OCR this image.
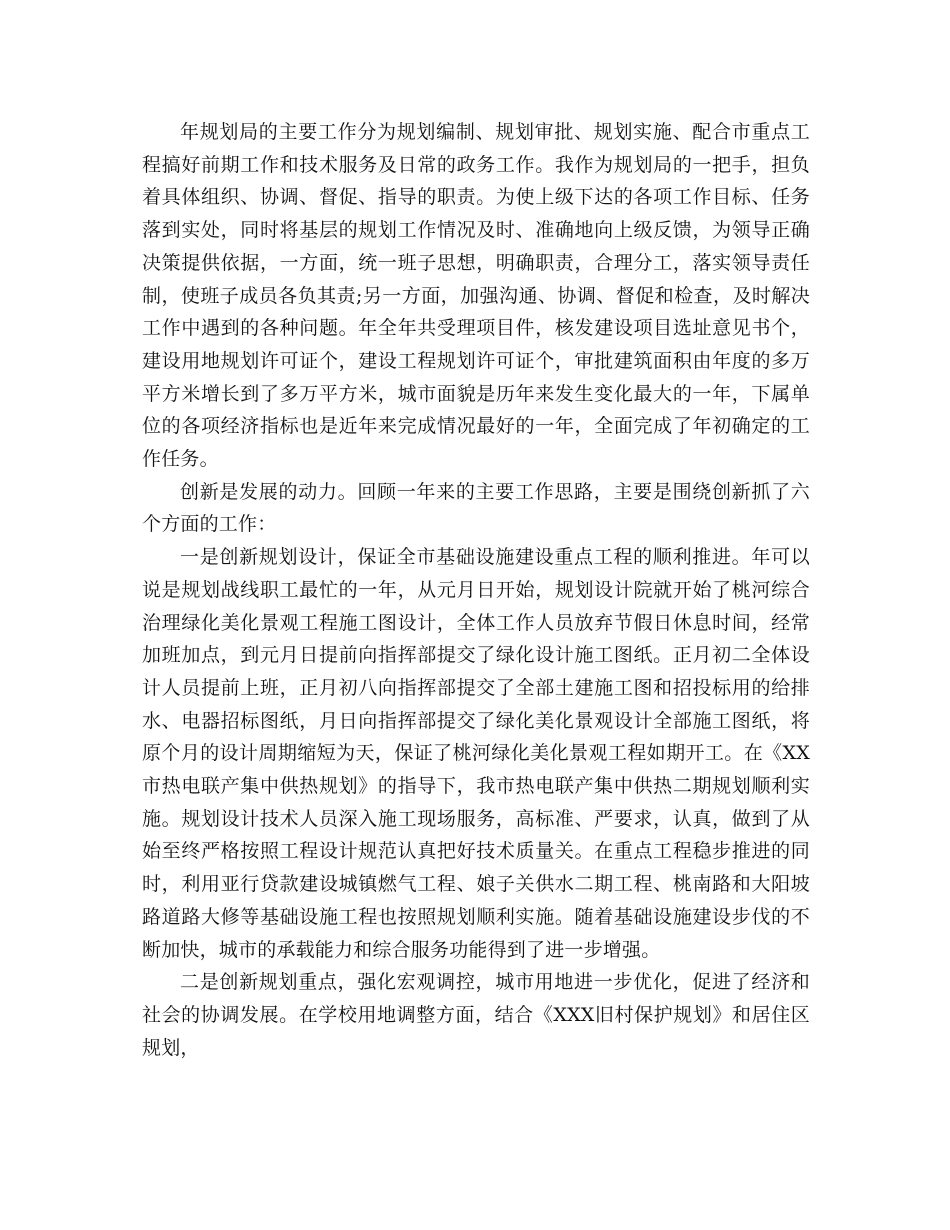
年规划局的主要工作分为规划编制、规划审批、规划实施、配合市重点工程搞好前期工作和技术服务及日常的政务工作。我作为规划局的一把手，担负着具体组织、协调、督促、指导的职责。为使上级下达的各项工作目标、任务落到实处，同时将基层的规划工作情况及时、准确地向上级反馈，为领导正确决策提供依据，一方面，统一班子思想，明确职责，合理分工，落实领导责任制，使班子成员各负其责;另一方面，加强沟通、协调、督促和检查，及时解决工作中遇到的各种问题。年全年共受理项目件，核发建设项目选址意见书个，建设用地规划许可证个，建设工程规划许可证个，审批建筑面积由年度的多万平方米增长到了多万平方米，城市面貌是历年来发生变化最大的一年，下属单位的各项经济指标也是近年来完成情况最好的一年，全面完成了年初确定的工作任务。

创新是发展的动力。回顾一年来的主要工作思路，主要是围绕创新抓了六个方面的工作：

一是创新规划设计，保证全市基础设施建设重点工程的顺利推进。年可以说是规划战线职工最忙的一年，从元月日开始，规划设计院就开始了桃河综合治理绿化美化景观工程施工图设计，全体工作人员放弃节假日休息时间，经常加班加点，到元月日提前向指挥部提交了绿化设计施工图纸。正月初二全体设计人员提前上班，正月初八向指挥部提交了全部土建施工图和招投标用的给排水、电器招标图纸，月日向指挥部提交了绿化美化景观设计全部施工图纸，将原个月的设计周期缩短为天，保证了桃河绿化美化景观工程如期开工。在《XX市热电联产集中供热规划》的指导下，我市热电联产集中供热二期规划顺利实施。规划设计技术人员深入施工现场服务，高标准、严要求，认真，做到了从始至终严格按照工程设计规范认真把好技术质量关。在重点工程稳步推进的同时，利用亚行贷款建设城镇燃气工程、娘子关供水二期工程、桃南路和大阳坡路道路大修等基础设施工程也按照规划顺利实施。随着基础设施建设步伐的不断加快，城市的承载能力和综合服务功能得到了进一步增强。

二是创新规划重点，强化宏观调控，城市用地进一步优化，促进了经济和社会的协调发展。在学校用地调整方面，结合《XXX旧村保护规划》和居住区规划，
